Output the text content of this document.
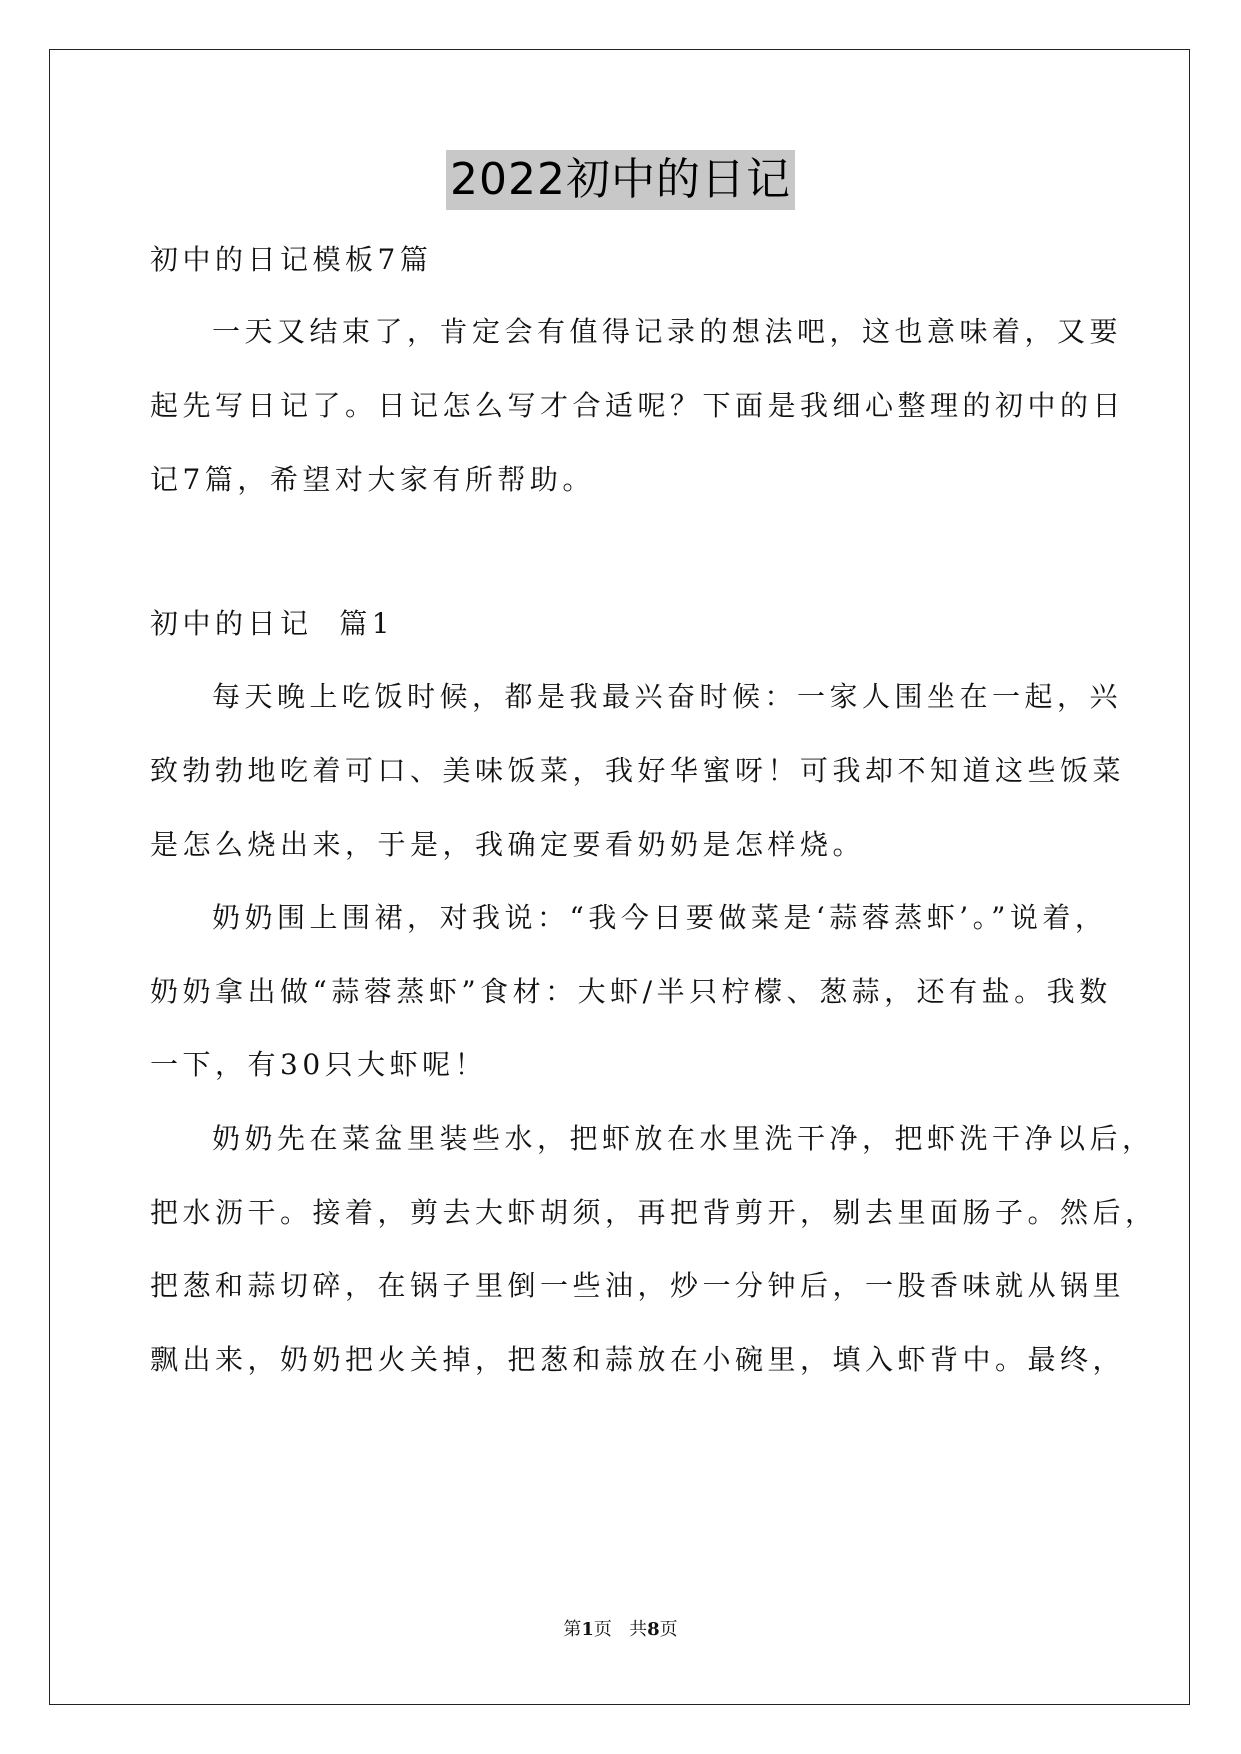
2022初中的日记
初中的日记模板7篇
一天又结束了，肯定会有值得记录的想法吧，这也意味着，又要
起先写日记了。日记怎么写才合适呢？下面是我细心整理的初中的日
记7篇，希望对大家有所帮助。
初中的日记  篇1
每天晚上吃饭时候，都是我最兴奋时候：一家人围坐在一起，兴
致勃勃地吃着可口、美味饭菜，我好华蜜呀！可我却不知道这些饭菜
是怎么烧出来，于是，我确定要看奶奶是怎样烧。
奶奶围上围裙，对我说：“我今日要做菜是‘蒜蓉蒸虾’。”说着，
奶奶拿出做“蒜蓉蒸虾”食材：大虾/半只柠檬、葱蒜，还有盐。我数
一下，有30只大虾呢！
奶奶先在菜盆里装些水，把虾放在水里洗干净，把虾洗干净以后，
把水沥干。接着，剪去大虾胡须，再把背剪开，剔去里面肠子。然后，
把葱和蒜切碎，在锅子里倒一些油，炒一分钟后，一股香味就从锅里
飘出来，奶奶把火关掉，把葱和蒜放在小碗里，填入虾背中。最终，
第1页   共8页
